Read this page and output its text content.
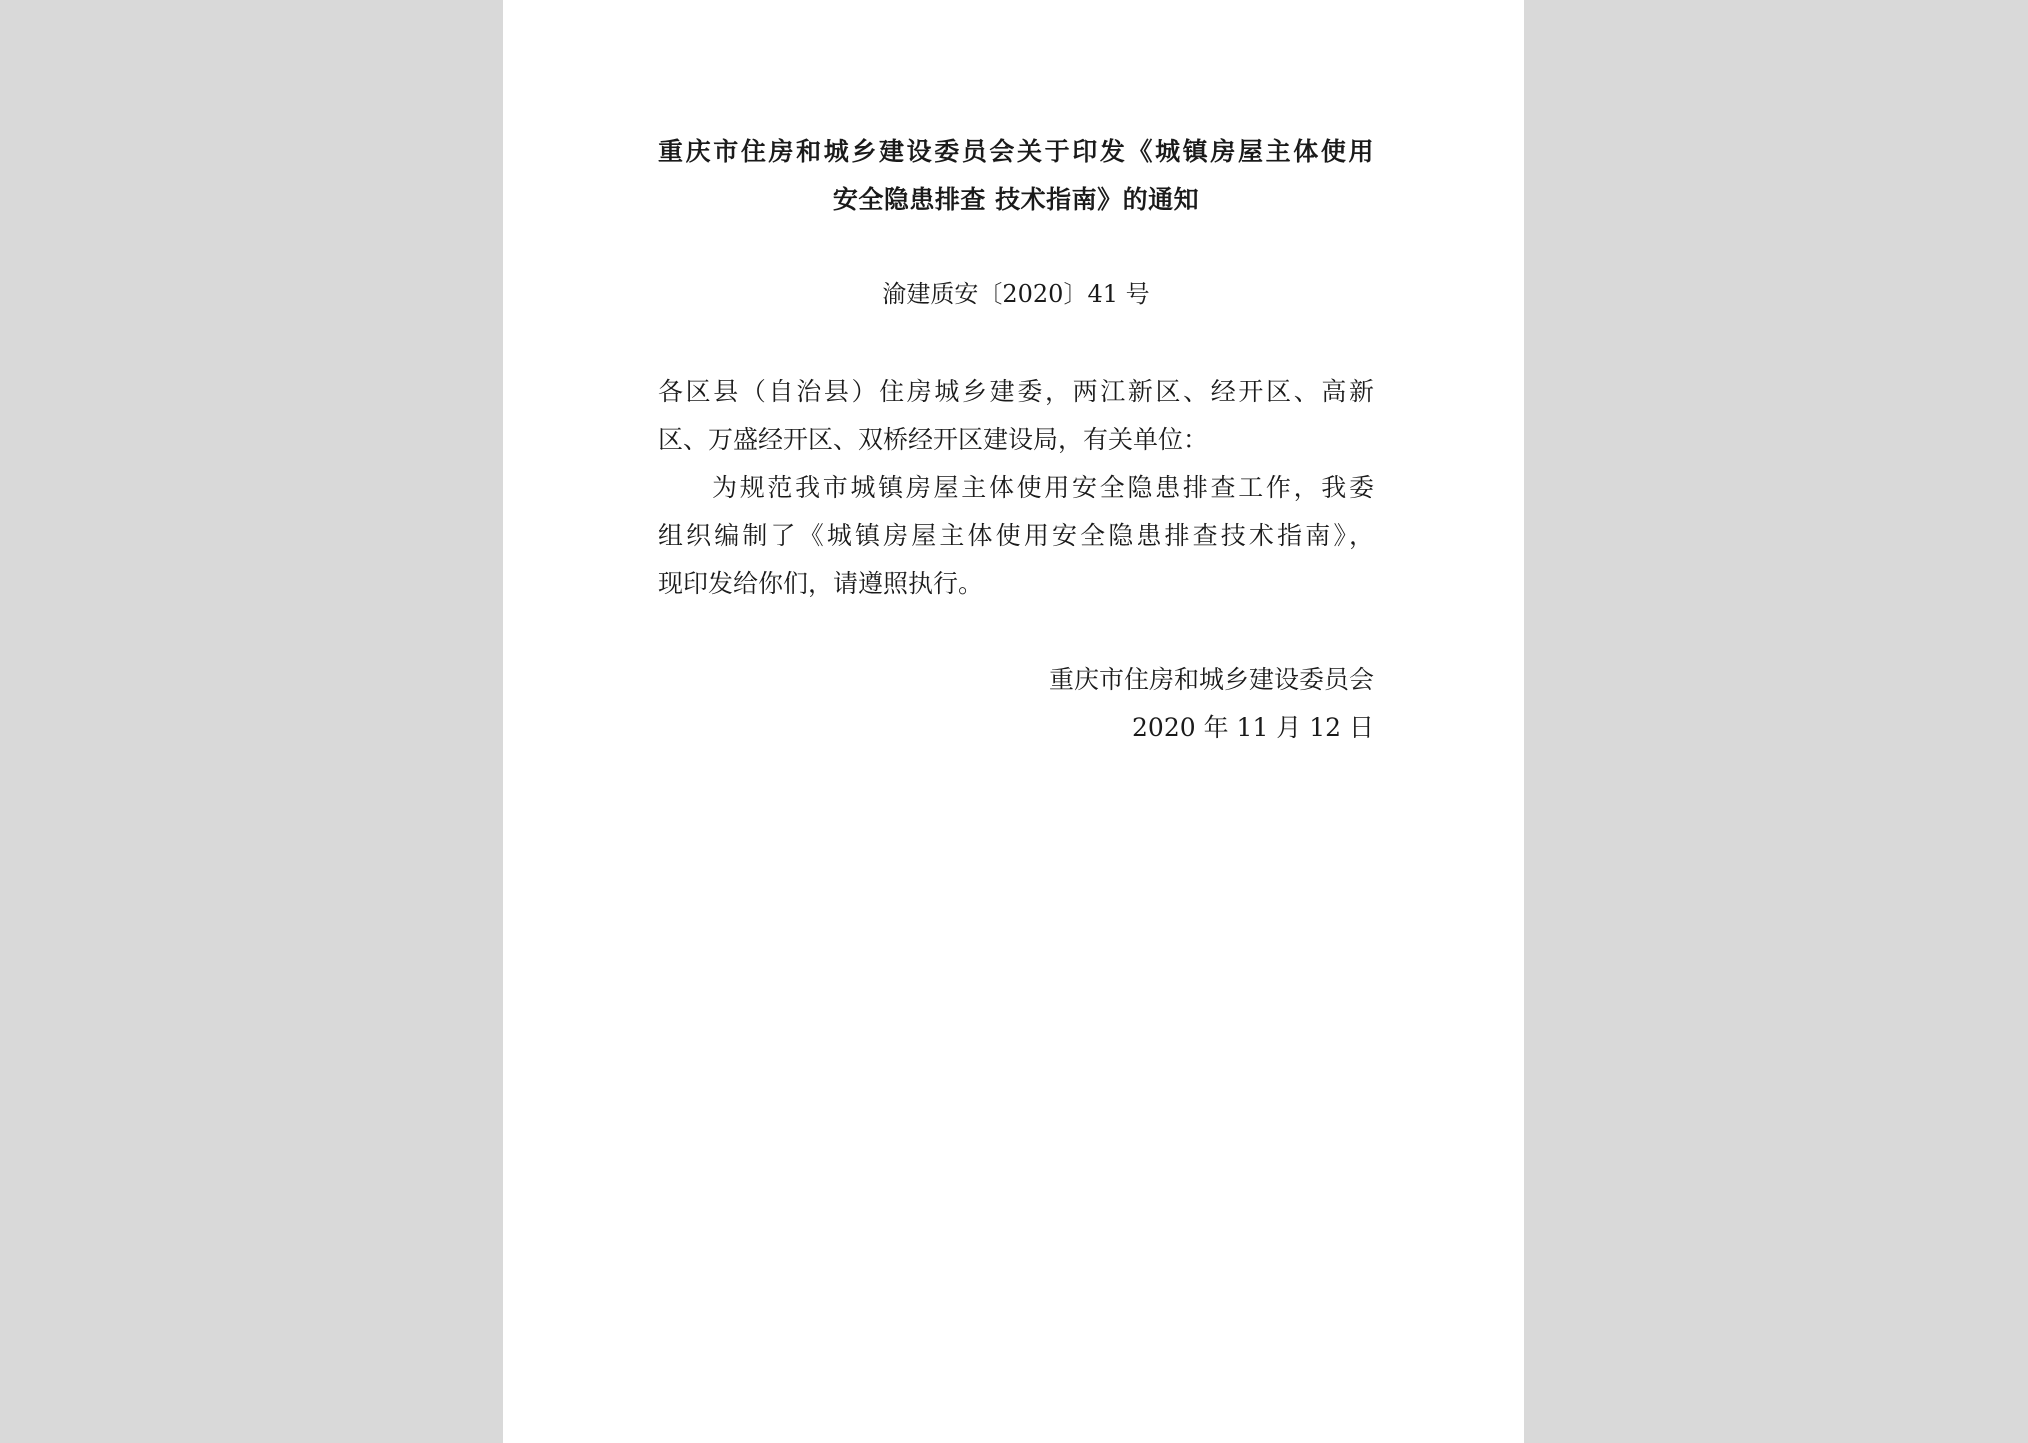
重庆市住房和城乡建设委员会关于印发《城镇房屋主体使用
安全隐患排查 技术指南》的通知
渝建质安〔2020〕41 号
各区县（自治县）住房城乡建委，两江新区、经开区、高新
区、万盛经开区、双桥经开区建设局，有关单位：
为规范我市城镇房屋主体使用安全隐患排查工作，我委
组织编制了《城镇房屋主体使用安全隐患排查技术指南》，
现印发给你们，请遵照执行。
重庆市住房和城乡建设委员会
2020 年 11 月 12 日
